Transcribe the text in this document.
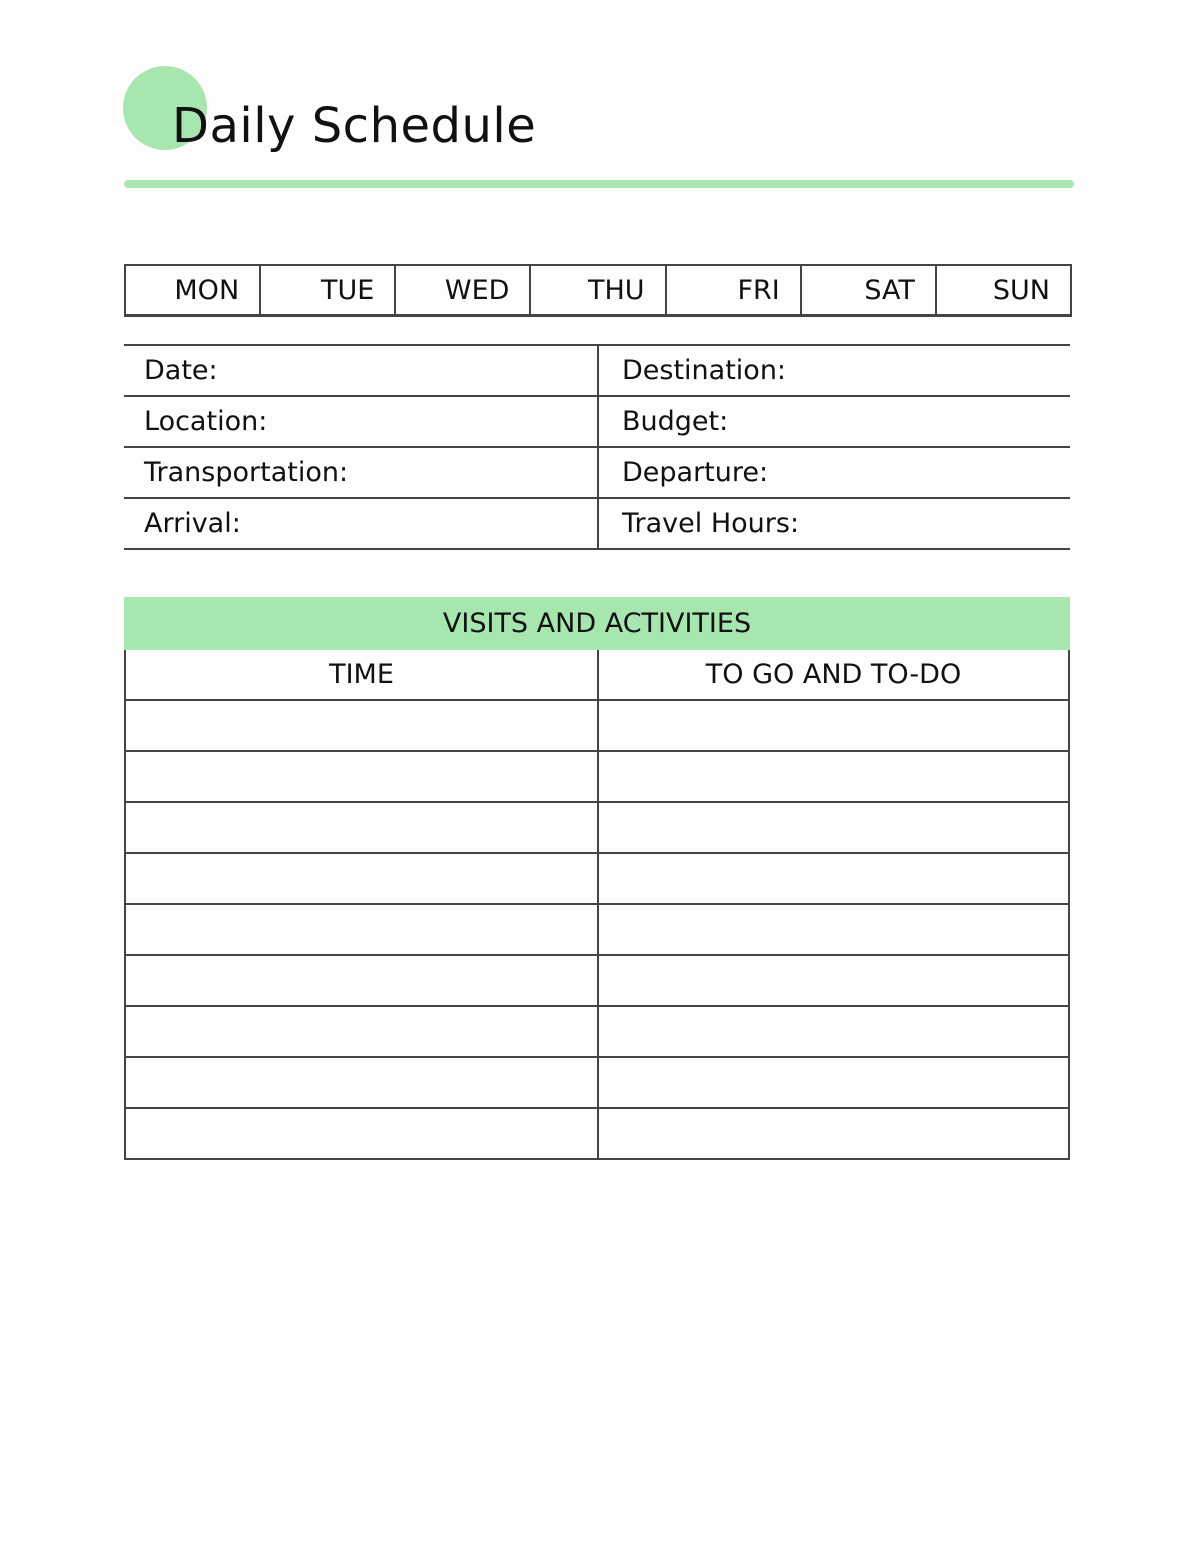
Daily Schedule
MON	TUE	WED	THU	FRI	SAT	SUN
Date:	Destination:
Location:	Budget:
Transportation:	Departure:
Arrival:	Travel Hours:
VISITS AND ACTIVITIES
TIME	TO GO AND TO-DO
